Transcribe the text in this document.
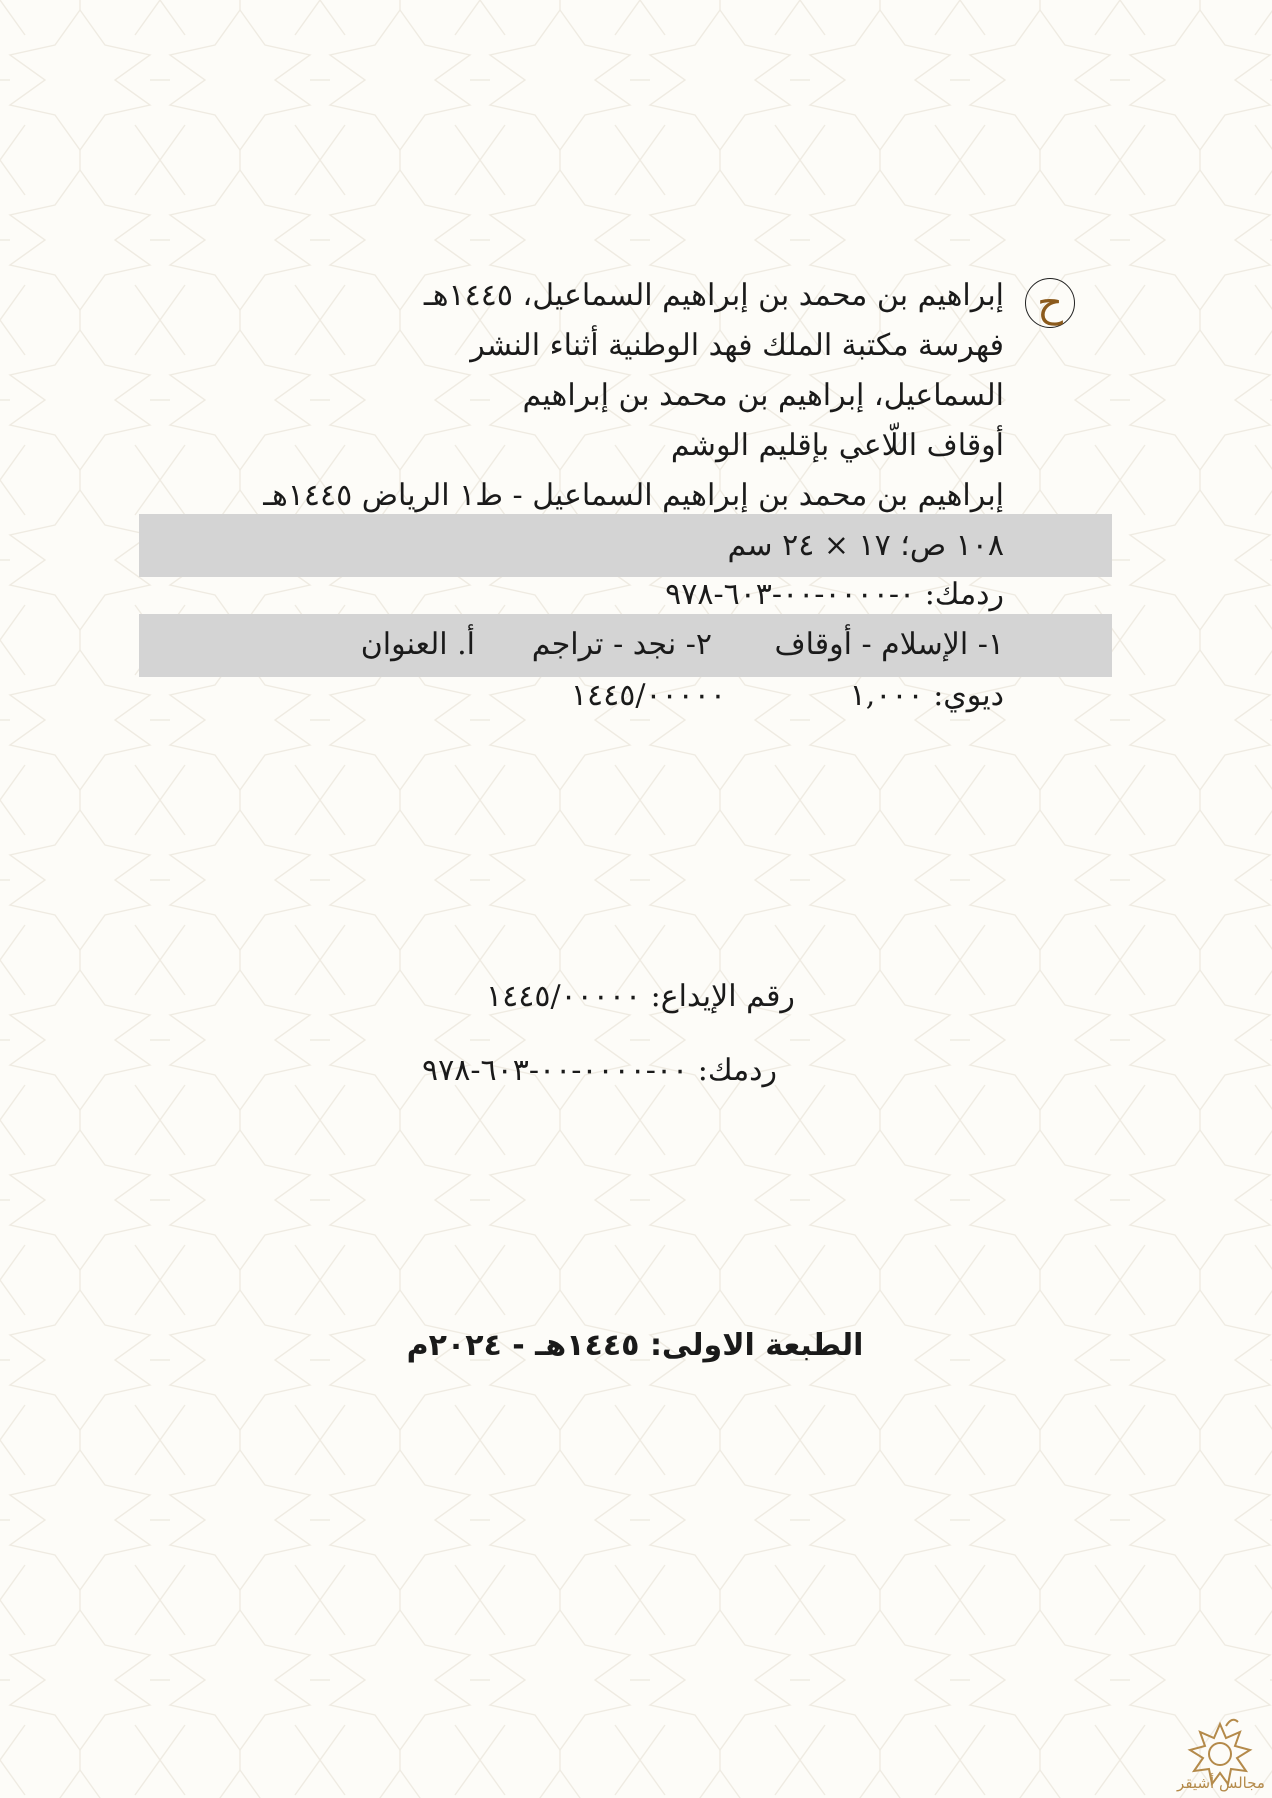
ح
إبراهيم بن محمد بن إبراهيم السماعيل، ١٤٤٥هـ
فهرسة مكتبة الملك فهد الوطنية أثناء النشر
السماعيل، إبراهيم بن محمد بن إبراهيم
أوقاف اللّاعي بإقليم الوشم
إبراهيم بن محمد بن إبراهيم السماعيل - ط١ الرياض ١٤٤٥هـ
١٠٨ ص؛ ١٧ × ٢٤ سم
ردمك: ٠-٠٠٠٠-٠٠-٦٠٣-٩٧٨
١- الإسلام - أوقاف
٢- نجد - تراجم
أ. العنوان
ديوي: ١,٠٠٠
١٤٤٥/٠٠٠٠٠
رقم الإيداع: ١٤٤٥/٠٠٠٠٠
ردمك: ٠٠-٠٠٠٠-٠٠-٦٠٣-٩٧٨
الطبعة الاولى: ١٤٤٥هـ - ٢٠٢٤م
مجالس أشيقر
